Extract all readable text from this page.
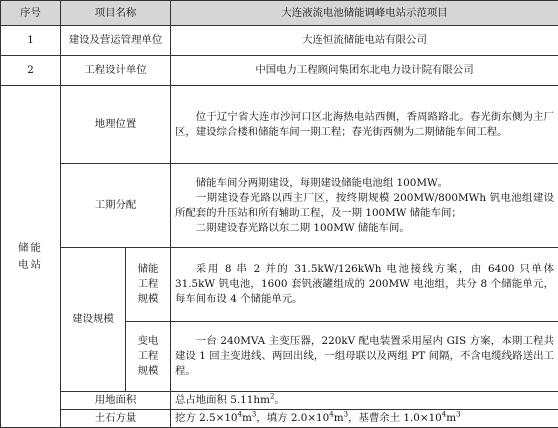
序号	项目名称		大连液流电池储能调峰电站示范项目
1	建设及营运管理单位		大连恒流储能电站有限公司
2	工程设计单位		中国电力工程顾问集团东北电力设计院有限公司
储能电站	地理位置		位于辽宁省大连市沙河口区北海热电站西侧，香周路路北。春光街东侧为主厂区，建设综合楼和储能车间一期工程；春光街西侧为二期储能车间工程。

	工期分配		储能车间分两期建设，每期建设储能电池组 100MW。
一期建设春光路以西主厂区，按终期规模 200MW/800MWh 钒电池组建设所配套的升压站和所有辅助工程，及一期 100MW 储能车间；
二期建设春光路以东二期 100MW 储能车间。

	建设规模	储能工程规模	采用 8 串 2 并的 31.5kW/126kWh 电池接线方案，由 6400 只单体 31.5kW 钒电池，1600 套钒液罐组成的 200MW 电池组，共分 8 个储能单元，每车间布设 4 个储能单元。

		变电工程规模	一台 240MVA 主变压器，220kV 配电装置采用屋内 GIS 方案，本期工程共建设 1 回主变进线、两回出线，一组母联以及两组 PT 间隔，不含电缆线路送出工程。

	用地面积		总占地面积 $5.11hm^2$。
	土石方量		挖方 $2.5\times 10^4m^3$，填方 $2.0\times 10^4m^3$，基曹余土 $1.0\times 10^4m^3$
